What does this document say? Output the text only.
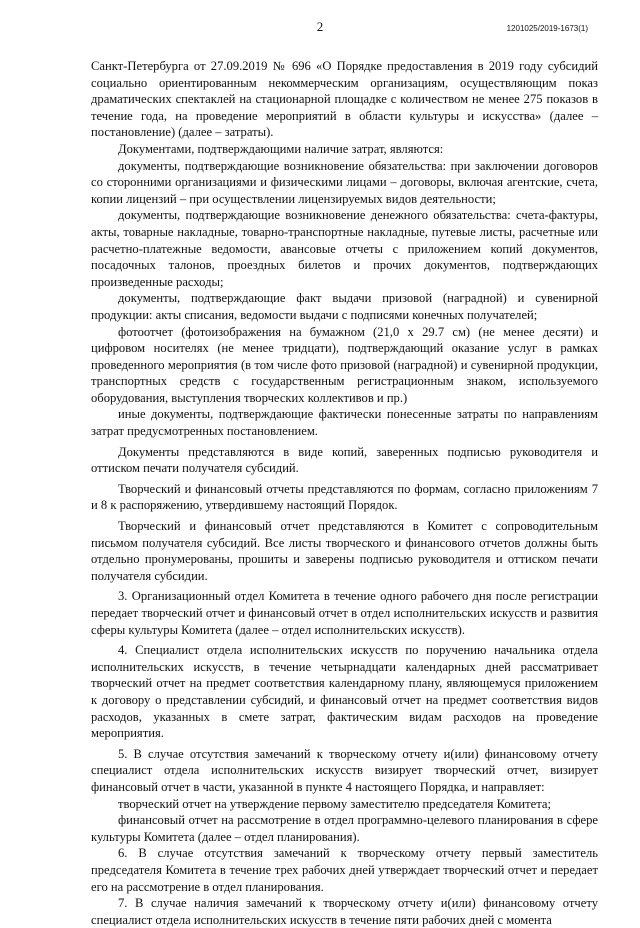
2	1201025/2019-1673(1)

Санкт-Петербурга от 27.09.2019 № 696 «О Порядке предоставления в 2019 году субсидий социально ориентированным некоммерческим организациям, осуществляющим показ драматических спектаклей на стационарной площадке с количеством не менее 275 показов в течение года, на проведение мероприятий в области культуры и искусства» (далее – постановление) (далее – затраты).

Документами, подтверждающими наличие затрат, являются:

документы, подтверждающие возникновение обязательства: при заключении договоров со сторонними организациями и физическими лицами – договоры, включая агентские, счета, копии лицензий – при осуществлении лицензируемых видов деятельности;

документы, подтверждающие возникновение денежного обязательства: счета-фактуры, акты, товарные накладные, товарно-транспортные накладные, путевые листы, расчетные или расчетно-платежные ведомости, авансовые отчеты с приложением копий документов, посадочных талонов, проездных билетов и прочих документов, подтверждающих произведенные расходы;

документы, подтверждающие факт выдачи призовой (наградной) и сувенирной продукции: акты списания, ведомости выдачи с подписями конечных получателей;

фотоотчет (фотоизображения на бумажном (21,0 х 29.7 см) (не менее десяти) и цифровом носителях (не менее тридцати), подтверждающий оказание услуг в рамках проведенного мероприятия (в том числе фото призовой (наградной) и сувенирной продукции, транспортных средств с государственным регистрационным знаком, используемого оборудования, выступления творческих коллективов и пр.)

иные документы, подтверждающие фактически понесенные затраты по направлениям затрат предусмотренных постановлением.

Документы представляются в виде копий, заверенных подписью руководителя и оттиском печати получателя субсидий.

Творческий и финансовый отчеты представляются по формам, согласно приложениям 7 и 8 к распоряжению, утвердившему настоящий Порядок.

Творческий и финансовый отчет представляются в Комитет с сопроводительным письмом получателя субсидий. Все листы творческого и финансового отчетов должны быть отдельно пронумерованы, прошиты и заверены подписью руководителя и оттиском печати получателя субсидии.

3. Организационный отдел Комитета в течение одного рабочего дня после регистрации передает творческий отчет и финансовый отчет в отдел исполнительских искусств и развития сферы культуры Комитета (далее – отдел исполнительских искусств).

4. Специалист отдела исполнительских искусств по поручению начальника отдела исполнительских искусств, в течение четырнадцати календарных дней рассматривает творческий отчет на предмет соответствия календарному плану, являющемуся приложением к договору о представлении субсидий, и финансовый отчет на предмет соответствия видов расходов, указанных в смете затрат, фактическим видам расходов на проведение мероприятия.

5. В случае отсутствия замечаний к творческому отчету и(или) финансовому отчету специалист отдела исполнительских искусств визирует творческий отчет, визирует финансовый отчет в части, указанной в пункте 4 настоящего Порядка, и направляет:

творческий отчет на утверждение первому заместителю председателя Комитета;

финансовый отчет на рассмотрение в отдел программно-целевого планирования в сфере культуры Комитета (далее – отдел планирования).

6. В случае отсутствия замечаний к творческому отчету первый заместитель председателя Комитета в течение трех рабочих дней утверждает творческий отчет и передает его на рассмотрение в отдел планирования.

7. В случае наличия замечаний к творческому отчету и(или) финансовому отчету специалист отдела исполнительских искусств в течение пяти рабочих дней с момента
